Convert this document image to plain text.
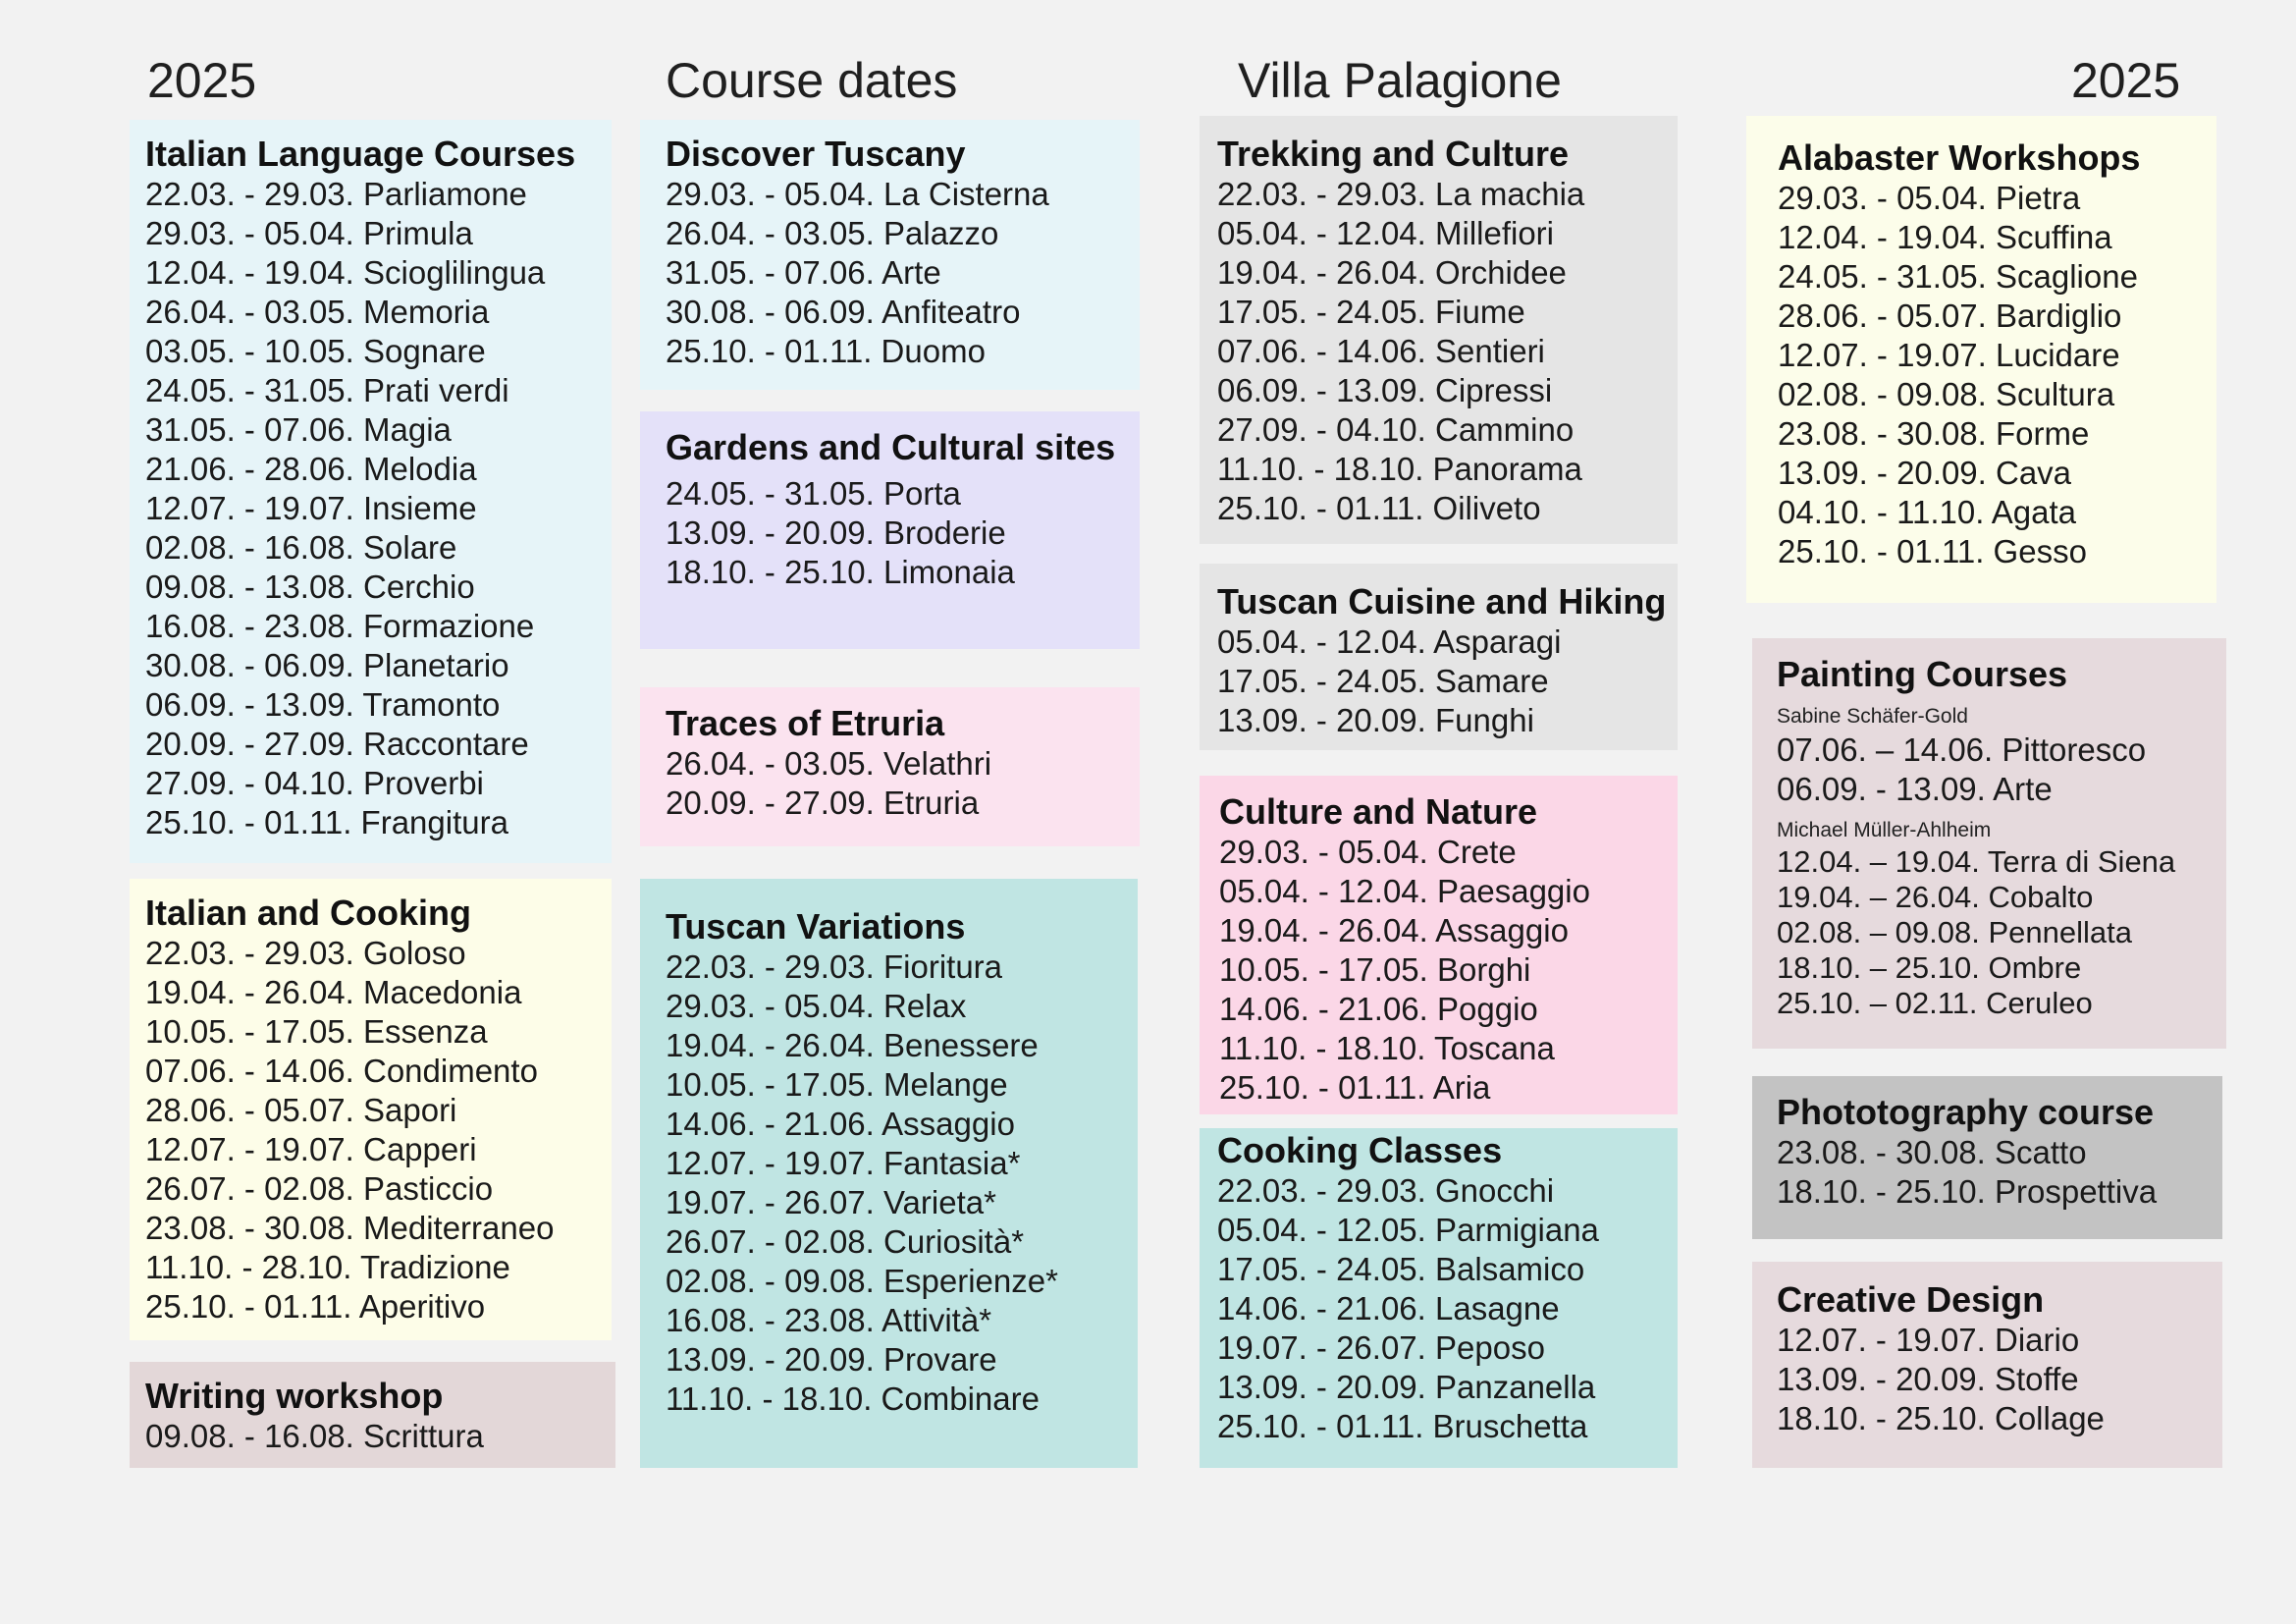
2025	Course dates	Villa Palagione	2025
Italian Language Courses
22.03. - 29.03. Parliamone
29.03. - 05.04. Primula
12.04. - 19.04. Scioglilingua
26.04. - 03.05. Memoria
03.05. - 10.05. Sognare
24.05. - 31.05. Prati verdi
31.05. - 07.06. Magia
21.06. - 28.06. Melodia
12.07. - 19.07. Insieme
02.08. - 16.08. Solare
09.08. - 13.08. Cerchio
16.08. - 23.08. Formazione
30.08. - 06.09. Planetario
06.09. - 13.09. Tramonto
20.09. - 27.09. Raccontare
27.09. - 04.10. Proverbi
25.10. - 01.11. Frangitura
Italian and Cooking
22.03. - 29.03. Goloso
19.04. - 26.04. Macedonia
10.05. - 17.05. Essenza
07.06. - 14.06. Condimento
28.06. - 05.07. Sapori
12.07. - 19.07. Capperi
26.07. - 02.08. Pasticcio
23.08. - 30.08. Mediterraneo
11.10. - 28.10. Tradizione
25.10. - 01.11. Aperitivo
Writing workshop
09.08. - 16.08. Scrittura
Discover Tuscany
29.03. - 05.04. La Cisterna
26.04. - 03.05. Palazzo
31.05. - 07.06. Arte
30.08. - 06.09. Anfiteatro
25.10. - 01.11. Duomo
Gardens and Cultural sites
24.05. - 31.05. Porta
13.09. - 20.09. Broderie
18.10. - 25.10. Limonaia
Traces of Etruria
26.04. - 03.05. Velathri
20.09. - 27.09. Etruria
Tuscan Variations
22.03. - 29.03. Fioritura
29.03. - 05.04. Relax
19.04. - 26.04. Benessere
10.05. - 17.05. Melange
14.06. - 21.06. Assaggio
12.07. - 19.07. Fantasia*
19.07. - 26.07. Varieta*
26.07. - 02.08. Curiosità*
02.08. - 09.08. Esperienze*
16.08. - 23.08. Attività*
13.09. - 20.09. Provare
11.10. - 18.10. Combinare
Trekking and Culture
22.03. - 29.03. La machia
05.04. - 12.04. Millefiori
19.04. - 26.04. Orchidee
17.05. - 24.05. Fiume
07.06. - 14.06. Sentieri
06.09. - 13.09. Cipressi
27.09. - 04.10. Cammino
11.10. - 18.10. Panorama
25.10. - 01.11. Oiliveto
Tuscan Cuisine and Hiking
05.04. - 12.04. Asparagi
17.05. - 24.05. Samare
13.09. - 20.09. Funghi
Culture and Nature
29.03. - 05.04. Crete
05.04. - 12.04. Paesaggio
19.04. - 26.04. Assaggio
10.05. - 17.05. Borghi
14.06. - 21.06. Poggio
11.10. - 18.10. Toscana
25.10. - 01.11. Aria
Cooking Classes
22.03. - 29.03. Gnocchi
05.04. - 12.05. Parmigiana
17.05. - 24.05. Balsamico
14.06. - 21.06. Lasagne
19.07. - 26.07. Peposo
13.09. - 20.09. Panzanella
25.10. - 01.11. Bruschetta
Alabaster Workshops
29.03. - 05.04. Pietra
12.04. - 19.04. Scuffina
24.05. - 31.05. Scaglione
28.06. - 05.07. Bardiglio
12.07. - 19.07. Lucidare
02.08. - 09.08. Scultura
23.08. - 30.08. Forme
13.09. - 20.09. Cava
04.10. - 11.10. Agata
25.10. - 01.11. Gesso
Painting Courses
Sabine Schäfer-Gold
07.06. – 14.06. Pittoresco
06.09. - 13.09. Arte
Michael Müller-Ahlheim
12.04. – 19.04. Terra di Siena
19.04. – 26.04. Cobalto
02.08. – 09.08. Pennellata
18.10. – 25.10. Ombre
25.10. – 02.11. Ceruleo
Phototography course
23.08. - 30.08. Scatto
18.10. - 25.10. Prospettiva
Creative Design
12.07. - 19.07. Diario
13.09. - 20.09. Stoffe
18.10. - 25.10. Collage
